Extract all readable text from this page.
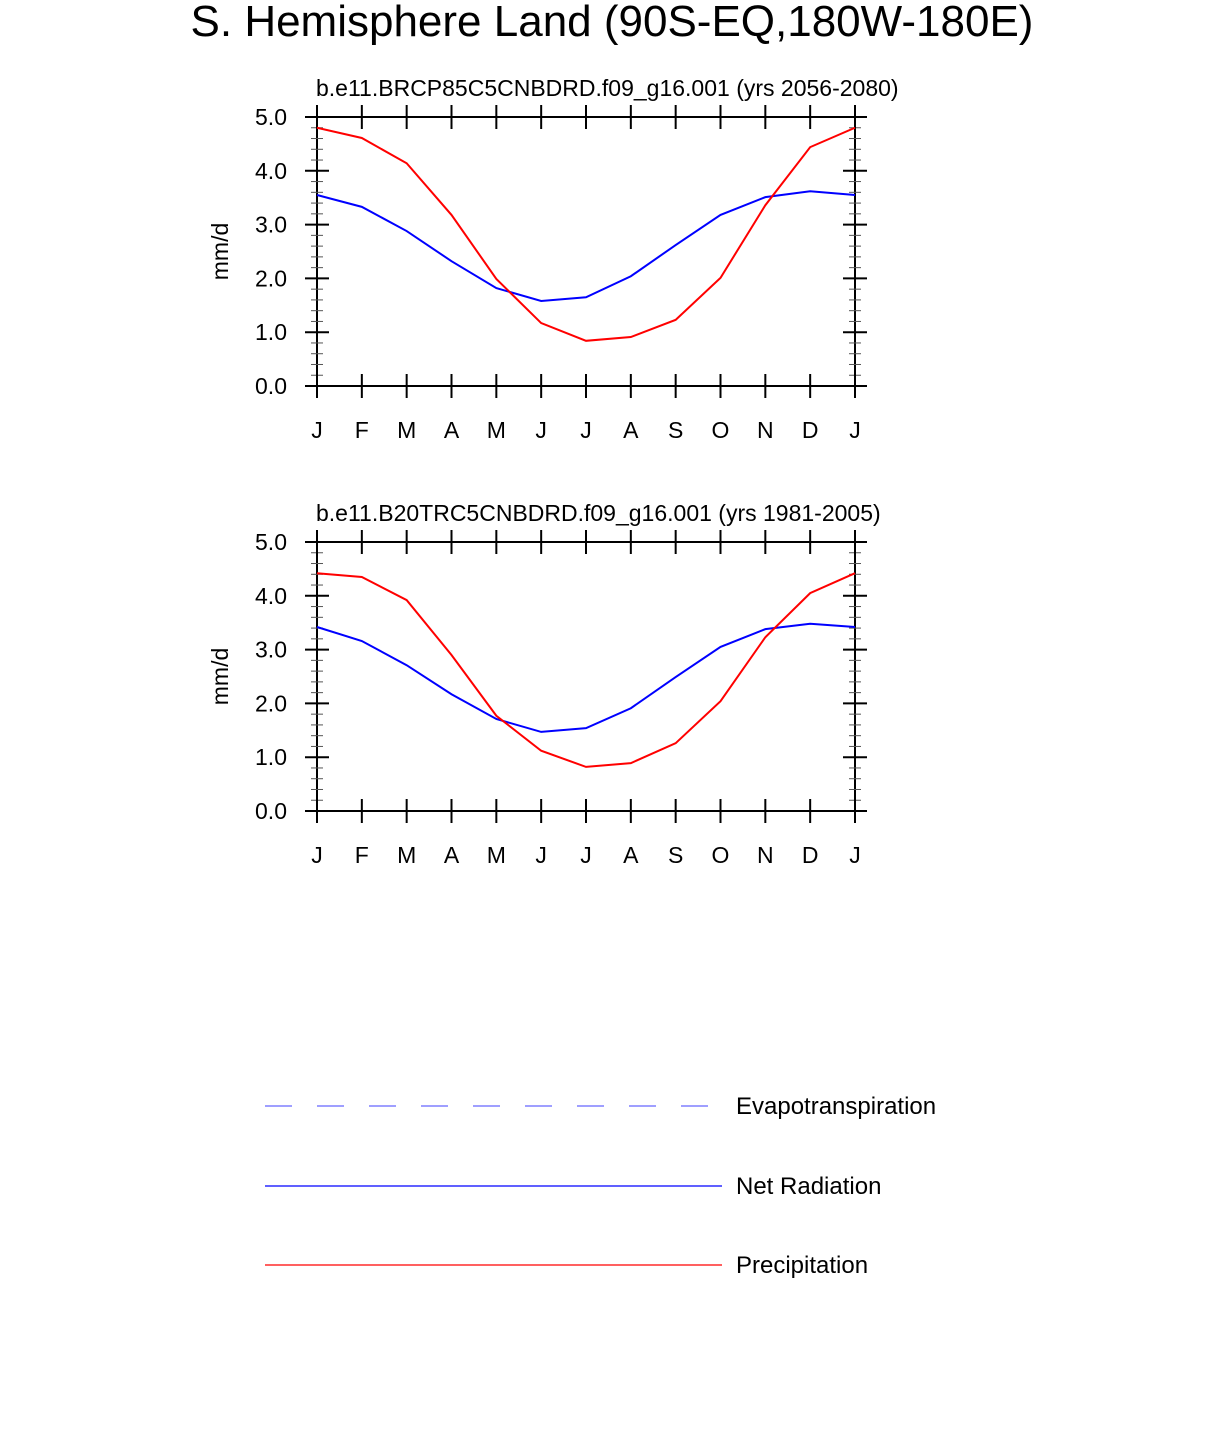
S. Hemisphere Land (90S-EQ,180W-180E)
b.e11.BRCP85C5CNBDRD.f09_g16.001 (yrs 2056-2080)
0.0
1.0
2.0
3.0
4.0
5.0
mm/d
J F M A M J J A S O N D J
b.e11.B20TRC5CNBDRD.f09_g16.001 (yrs 1981-2005)
0.0
1.0
2.0
3.0
4.0
5.0
mm/d
J F M A M J J A S O N D J
Evapotranspiration
Net Radiation
Precipitation
